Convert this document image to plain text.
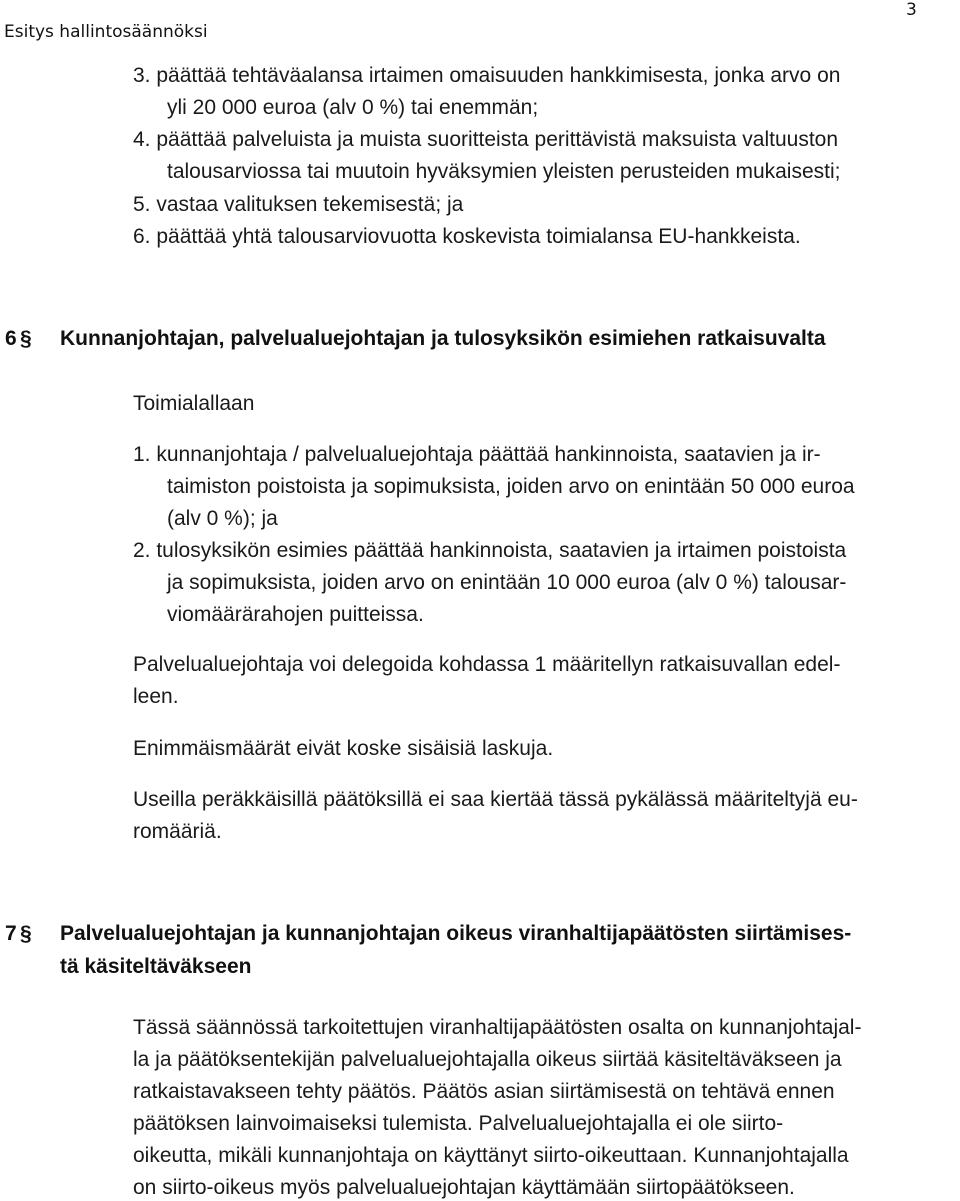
Esitys hallintosäännöksi
3

3. päättää tehtäväalansa irtaimen omaisuuden hankkimisesta, jonka arvo on

yli 20 000 euroa (alv 0 %) tai enemmän;

4. päättää palveluista ja muista suoritteista perittävistä maksuista valtuuston

talousarviossa tai muutoin hyväksymien yleisten perusteiden mukaisesti;

5. vastaa valituksen tekemisestä; ja

6. päättää yhtä talousarviovuotta koskevista toimialansa EU-hankkeista.

6 § Kunnanjohtajan, palvelualuejohtajan ja tulosyksikön esimiehen ratkaisuvalta

Toimialallaan

1. kunnanjohtaja / palvelualuejohtaja päättää hankinnoista, saatavien ja ir-

taimiston poistoista ja sopimuksista, joiden arvo on enintään 50 000 euroa

(alv 0 %); ja

2. tulosyksikön esimies päättää hankinnoista, saatavien ja irtaimen poistoista

ja sopimuksista, joiden arvo on enintään 10 000 euroa (alv 0 %) talousar-

viomäärärahojen puitteissa.

Palvelualuejohtaja voi delegoida kohdassa 1 määritellyn ratkaisuvallan edel-

leen.

Enimmäismäärät eivät koske sisäisiä laskuja.

Useilla peräkkäisillä päätöksillä ei saa kiertää tässä pykälässä määriteltyjä eu-

romääriä.

7 § Palvelualuejohtajan ja kunnanjohtajan oikeus viranhaltijapäätösten siirtämises-

tä käsiteltäväkseen

Tässä säännössä tarkoitettujen viranhaltijapäätösten osalta on kunnanjohtajal-

la ja päätöksentekijän palvelualuejohtajalla oikeus siirtää käsiteltäväkseen ja

ratkaistavakseen tehty päätös. Päätös asian siirtämisestä on tehtävä ennen

päätöksen lainvoimaiseksi tulemista. Palvelualuejohtajalla ei ole siirto-

oikeutta, mikäli kunnanjohtaja on käyttänyt siirto-oikeuttaan. Kunnanjohtajalla

on siirto-oikeus myös palvelualuejohtajan käyttämään siirtopäätökseen.
